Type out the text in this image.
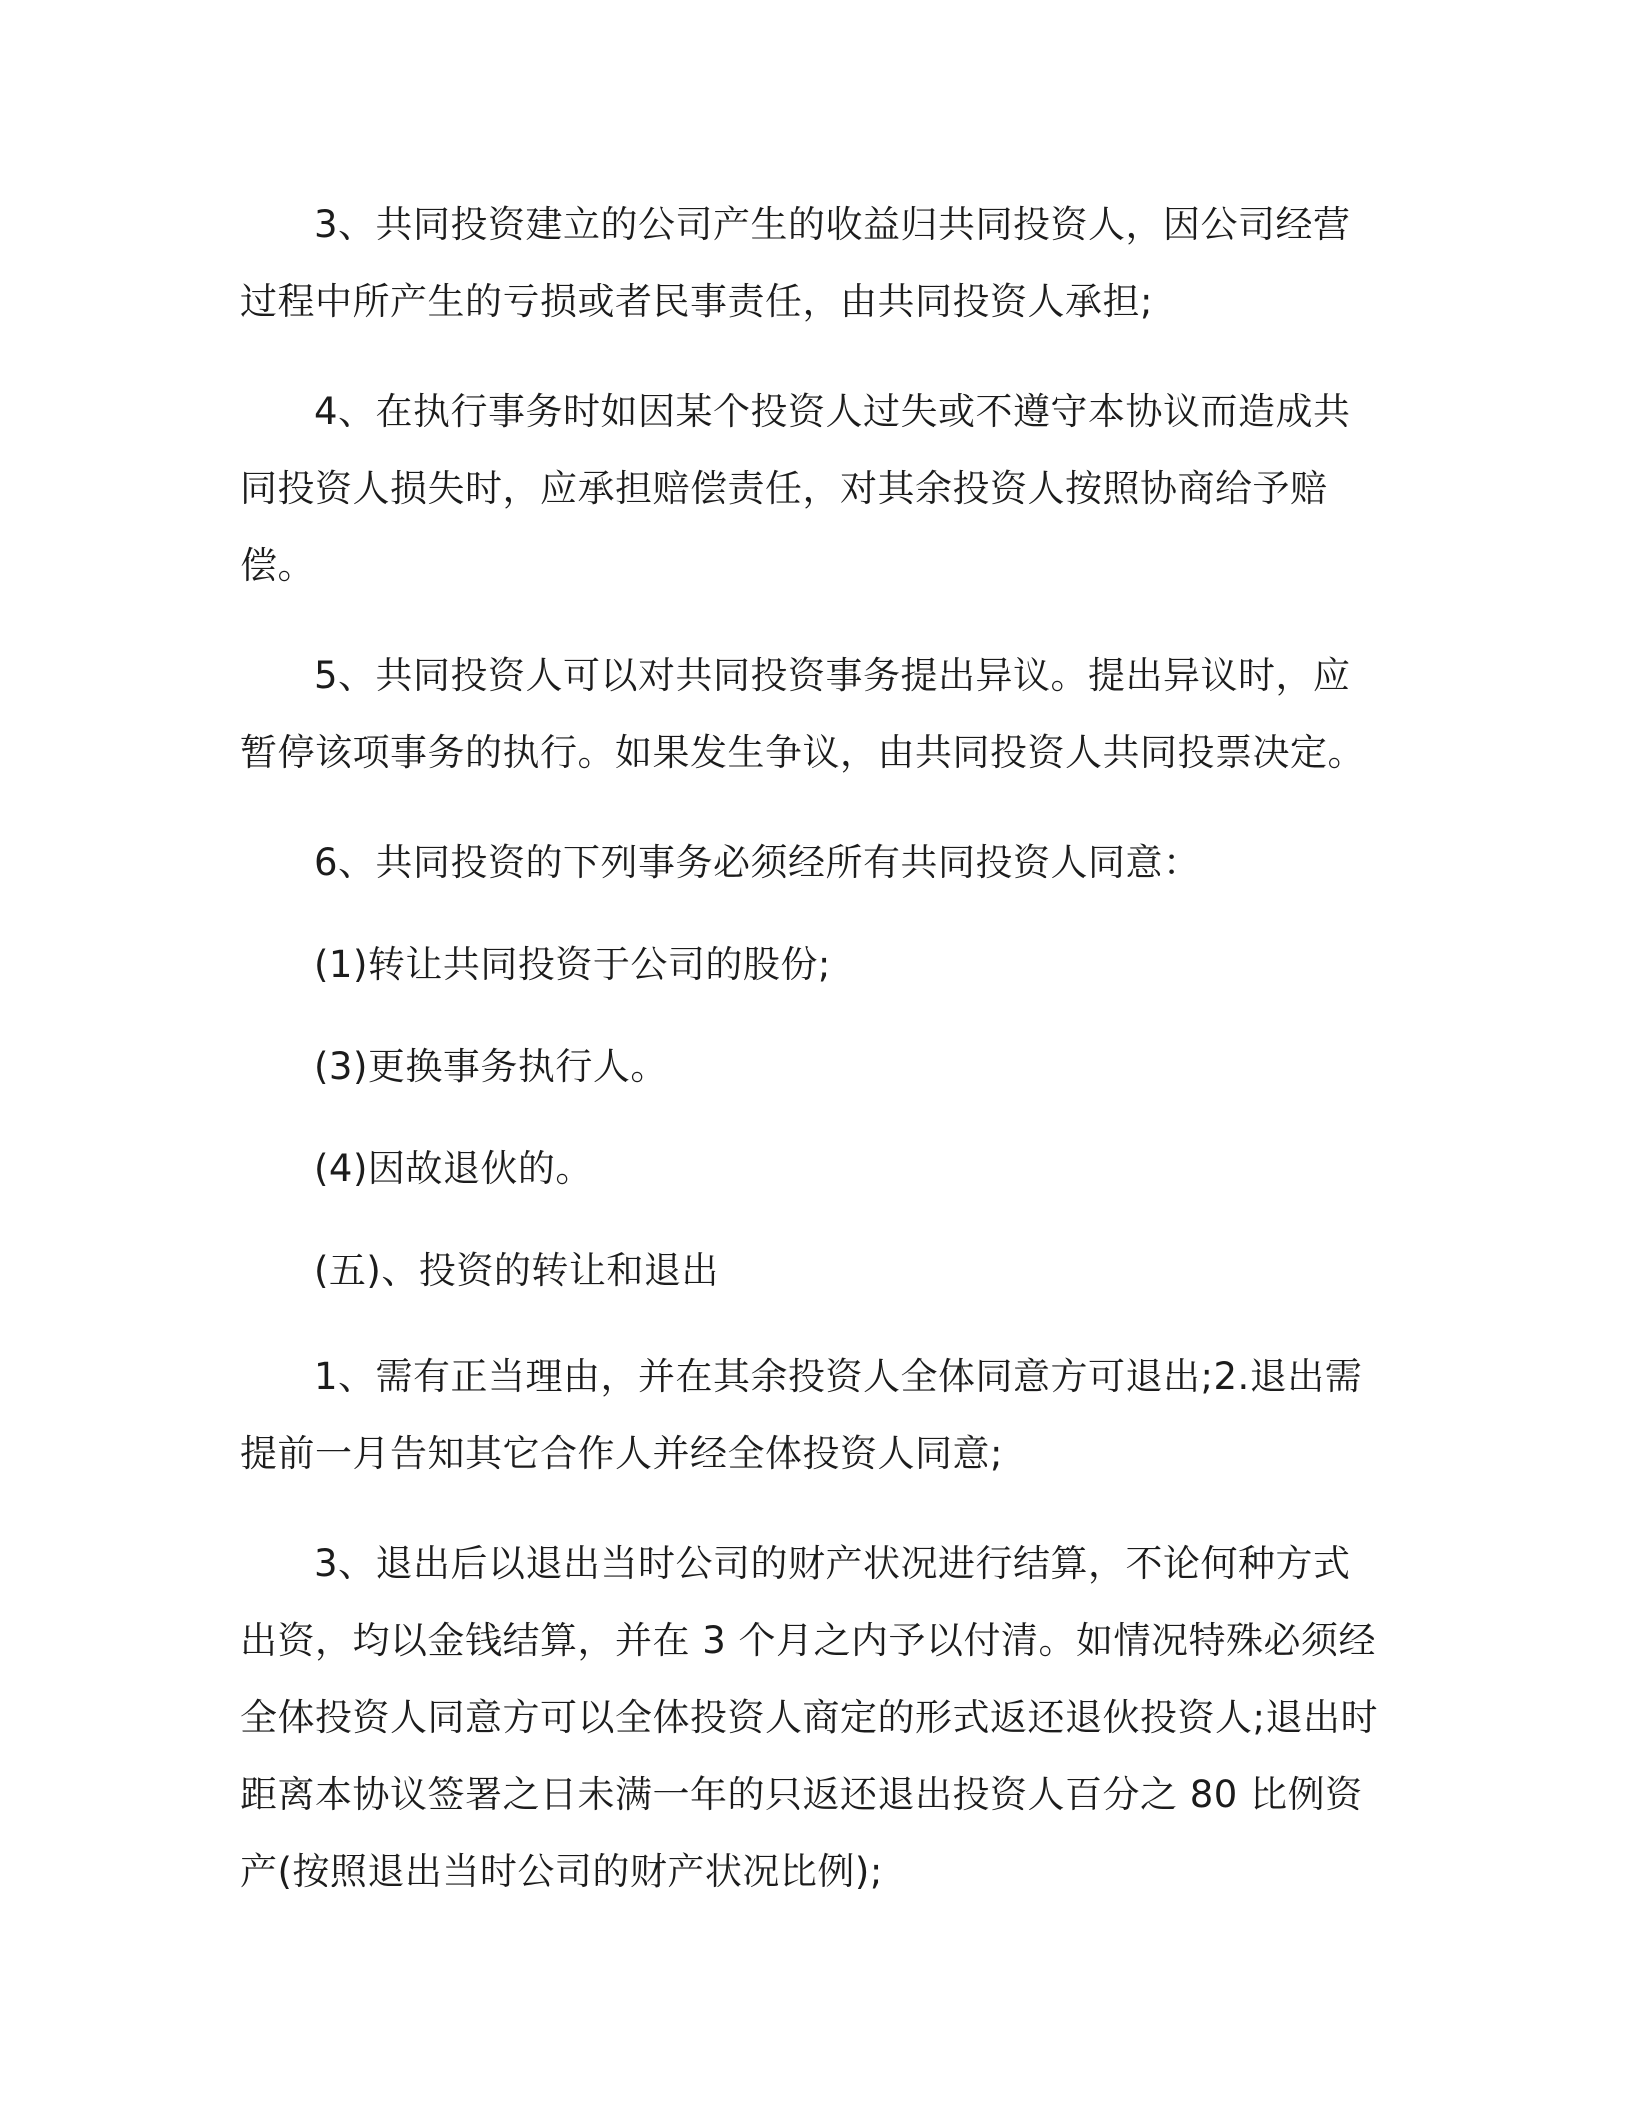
3、共同投资建立的公司产生的收益归共同投资人，因公司经营过程中所产生的亏损或者民事责任，由共同投资人承担;

4、在执行事务时如因某个投资人过失或不遵守本协议而造成共同投资人损失时，应承担赔偿责任，对其余投资人按照协商给予赔偿。

5、共同投资人可以对共同投资事务提出异议。提出异议时，应暂停该项事务的执行。如果发生争议，由共同投资人共同投票决定。

6、共同投资的下列事务必须经所有共同投资人同意：

(1)转让共同投资于公司的股份;

(3)更换事务执行人。

(4)因故退伙的。

(五)、投资的转让和退出

1、需有正当理由，并在其余投资人全体同意方可退出;2.退出需提前一月告知其它合作人并经全体投资人同意;

3、退出后以退出当时公司的财产状况进行结算，不论何种方式出资，均以金钱结算，并在 3 个月之内予以付清。如情况特殊必须经全体投资人同意方可以全体投资人商定的形式返还退伙投资人;退出时距离本协议签署之日未满一年的只返还退出投资人百分之 80 比例资产(按照退出当时公司的财产状况比例);
